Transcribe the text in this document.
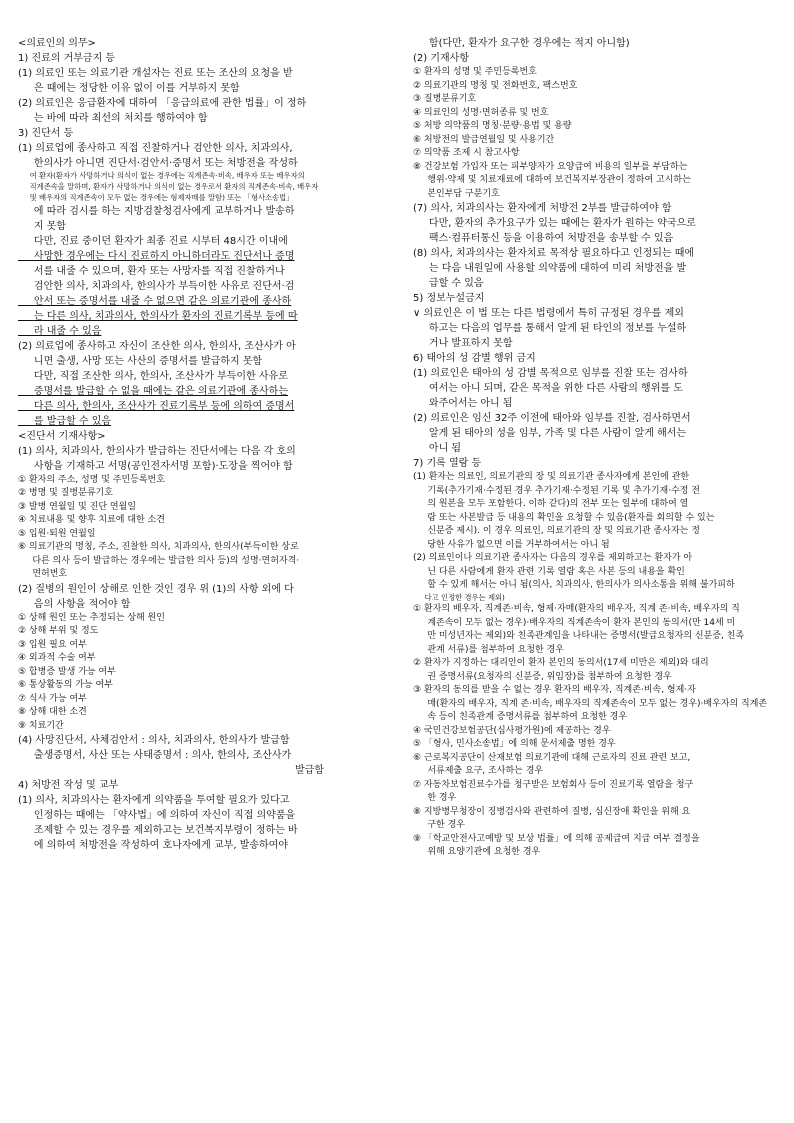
<의료인의 의무>
1) 진료의 거부금지 등
(1) 의료인 또는 의료기관 개설자는 진료 또는 조산의 요청을 받
은 때에는 정당한 이유 없이 이를 거부하지 못함
(2) 의료인은 응급환자에 대하여 「응급의료에 관한 법률」이 정하
는 바에 따라 최선의 처치를 행하여야 함
3) 진단서 등
(1) 의료업에 종사하고 직접 진찰하거나 검안한 의사, 치과의사,
한의사가 아니면 진단서·검안서·증명서 또는 처방전을 작성하
여 환자(환자가 사망하거나 의식이 없는 경우에는 직계존속·비속, 배우자 또는 배우자의
직계존속을 말하며, 환자가 사망하거나 의식이 없는 경우로서 환자의 직계존속·비속, 배우자
및 배우자의 직계존속이 모두 없는 경우에는 형제자매를 말함) 또는 「형사소송법」
에 따라 검시를 하는 지방검찰청검사에게 교부하거나 발송하
지 못함
다만, 진료 중이던 환자가 최종 진료 시부터 48시간 이내에
사망한 경우에는 다시 진료하지 아니하더라도 진단서나 증명
서를 내줄 수 있으며, 환자 또는 사망자를 직접 진찰하거나
검안한 의사, 치과의사, 한의사가 부득이한 사유로 진단서·검
안서 또는 증명서를 내줄 수 없으면 같은 의료기관에 종사하
는 다른 의사, 치과의사, 한의사가 환자의 진료기록부 등에 따
라 내줄 수 있음
(2) 의료업에 종사하고 자신이 조산한 의사, 한의사, 조산사가 아
니면 출생, 사망 또는 사산의 증명서를 발급하지 못함
다만, 직접 조산한 의사, 한의사, 조산사가 부득이한 사유로
증명서를 발급할 수 없을 때에는 같은 의료기관에 종사하는
다른 의사, 한의사, 조산사가 진료기록부 등에 의하여 증명서
를 발급할 수 있음
<진단서 기재사항>
(1) 의사, 치과의사, 한의사가 발급하는 진단서에는 다음 각 호의
사항을 기재하고 서명(공인전자서명 포함)·도장을 찍어야 함
① 환자의 주소, 성명 및 주민등록번호
② 병명 및 질병분류기호
③ 발병 연월일 및 진단 연월일
④ 치료내용 및 향후 치료에 대한 소견
⑤ 입원·퇴원 연월일
⑥ 의료기관의 명칭, 주소, 진찰한 의사, 치과의사, 한의사(부득이한 상로
다른 의사 등이 발급하는 경우에는 발급한 의사 등)의 성명·면허자격·
면허번호
(2) 질병의 원인이 상해로 인한 것인 경우 위 (1)의 사항 외에 다
음의 사항을 적어야 함
① 상해 원인 또는 추정되는 상해 원인
② 상해 부위 및 정도
③ 입원 필요 여부
④ 외과적 수술 여부
⑤ 합병증 발생 가능 여부
⑥ 통상활동의 가능 여부
⑦ 식사 가능 여부
⑧ 상해 대한 소견
⑨ 치료기간
(4) 사망진단서, 사체검안서 : 의사, 치과의사, 한의사가 발급함
출생증명서, 사산 또는 사태증명서 : 의사, 한의사, 조산사가
발급함
4) 처방전 작성 및 교부
(1) 의사, 치과의사는 환자에게 의약품을 투여할 필요가 있다고
인정하는 때에는 「약사법」에 의하여 자신이 직접 의약품을
조제할 수 있는 경우를 제외하고는 보건복지부령이 정하는 바
에 의하여 처방전을 작성하여 호나자에게 교부, 발송하여야
함(다만, 환자가 요구한 경우에는 적지 아니함)
(2) 기재사항
① 환자의 성명 및 주민등록번호
② 의료기관의 명칭 및 전화번호, 팩스번호
③ 질병분류기호
④ 의료인의 성명·면허종류 및 번호
⑤ 처방 의약품의 명칭·분량·용법 및 용량
⑥ 처방전의 발급연월일 및 사용기간
⑦ 의약품 조제 시 참고사항
⑧ 건강보험 가입자 또는 피부양자가 요양급여 비용의 일부를 부담하는
행위·약제 및 치료재료에 대하여 보건복지부장관이 정하여 고시하는
본인부담 구분기호
(7) 의사, 치과의사는 환자에게 처방전 2부를 발급하여야 함
다만, 환자의 추가요구가 있는 때에는 환자가 원하는 약국으로
팩스·컴퓨터통신 등을 이용하여 처방전을 송부할 수 있음
(8) 의사, 치과의사는 환자치료 목적상 필요하다고 인정되는 때에
는 다음 내원일에 사용할 의약품에 대하여 미리 처방전을 발
급할 수 있음
5) 정보누설금지
∨ 의료인은 이 법 또는 다른 법령에서 특히 규정된 경우를 제외
하고는 다음의 업무를 통해서 알게 된 타인의 정보를 누설하
거나 발표하지 못함
6) 태아의 성 감별 행위 금지
(1) 의료인은 태아의 성 감별 목적으로 임부를 진찰 또는 검사하
여서는 아니 되며, 같은 목적을 위한 다른 사람의 행위를 도
와주어서는 아니 됨
(2) 의료인은 임신 32주 이전에 태아와 임부를 진찰, 검사하면서
알게 된 태아의 성을 임부, 가족 및 다른 사람이 알게 해서는
아니 됨
7) 기록 열람 등
(1) 환자는 의료인, 의료기관의 장 및 의료기관 종사자에게 본인에 관한
기록(추가기재·수정된 경우 추가기재·수정된 기록 및 추가기재·수정 전
의 원본을 모두 포함한다. 이하 같다)의 전부 또는 일부에 대하여 열
람 또는 사본발급 등 내용의 확인을 요청할 수 있음(환자를 회의할 수 있는
신분증 제시). 이 경우 의료인, 의료기관의 장 및 의료기관 종사자는 정
당한 사유가 없으면 이를 거부하여서는 아니 됨
(2) 의료인이나 의료기관 종사자는 다음의 경우를 제외하고는 환자가 아
닌 다른 사람에게 환자 관련 기록 열람 혹은 사본 등의 내용을 확인
할 수 있게 해서는 아니 됨(의사, 치과의사, 한의사가 의사소통을 위해 불가피하
다고 인정한 경우는 제외)
① 환자의 배우자, 직계존·비속, 형제·자매(환자의 배우자, 직계 존·비속, 배우자의 직
계존속이 모두 없는 경우)·배우자의 직계존속이 환자 본인의 동의서(만 14세 미
만 미성년자는 제외)와 친족관계임을 나타내는 증명서(발급요청자의 신분증, 친족
관계 서류)를 첨부하여 요청한 경우
② 환자가 지정하는 대리인이 환자 본인의 동의서(17세 미만은 제외)와 대리
권 증명서류(요청자의 신분증, 위임장)를 첨부하여 요청한 경우
③ 환자의 동의를 받을 수 없는 경우 환자의 배우자, 직계존·비속, 형제·자
매(환자의 배우자, 직계 존·비속, 배우자의 직계존속이 모두 없는 경우)·배우자의 직계존
속 등이 친족관계 증명서류를 첨부하여 요청한 경우
④ 국민건강보험공단(심사평가원)에 제공하는 경우
⑤ 「형사, 민사소송법」에 의해 문서제출 명한 경우
⑥ 근로복지공단이 산재보험 의료기관에 대해 근로자의 진료 관련 보고,
서류제출 요구, 조사하는 경우
⑦ 자동차보험진료수가를 청구받은 보험회사 등이 진료기록 열람을 청구
한 경우
⑧ 지방병무청장이 징병검사와 관련하여 질병, 심신장애 확인을 위해 요
구한 경우
⑨ 「학교안전사고예방 및 보상 법률」에 의해 공제급여 지급 여부 결정을
위해 요양기관에 요청한 경우
